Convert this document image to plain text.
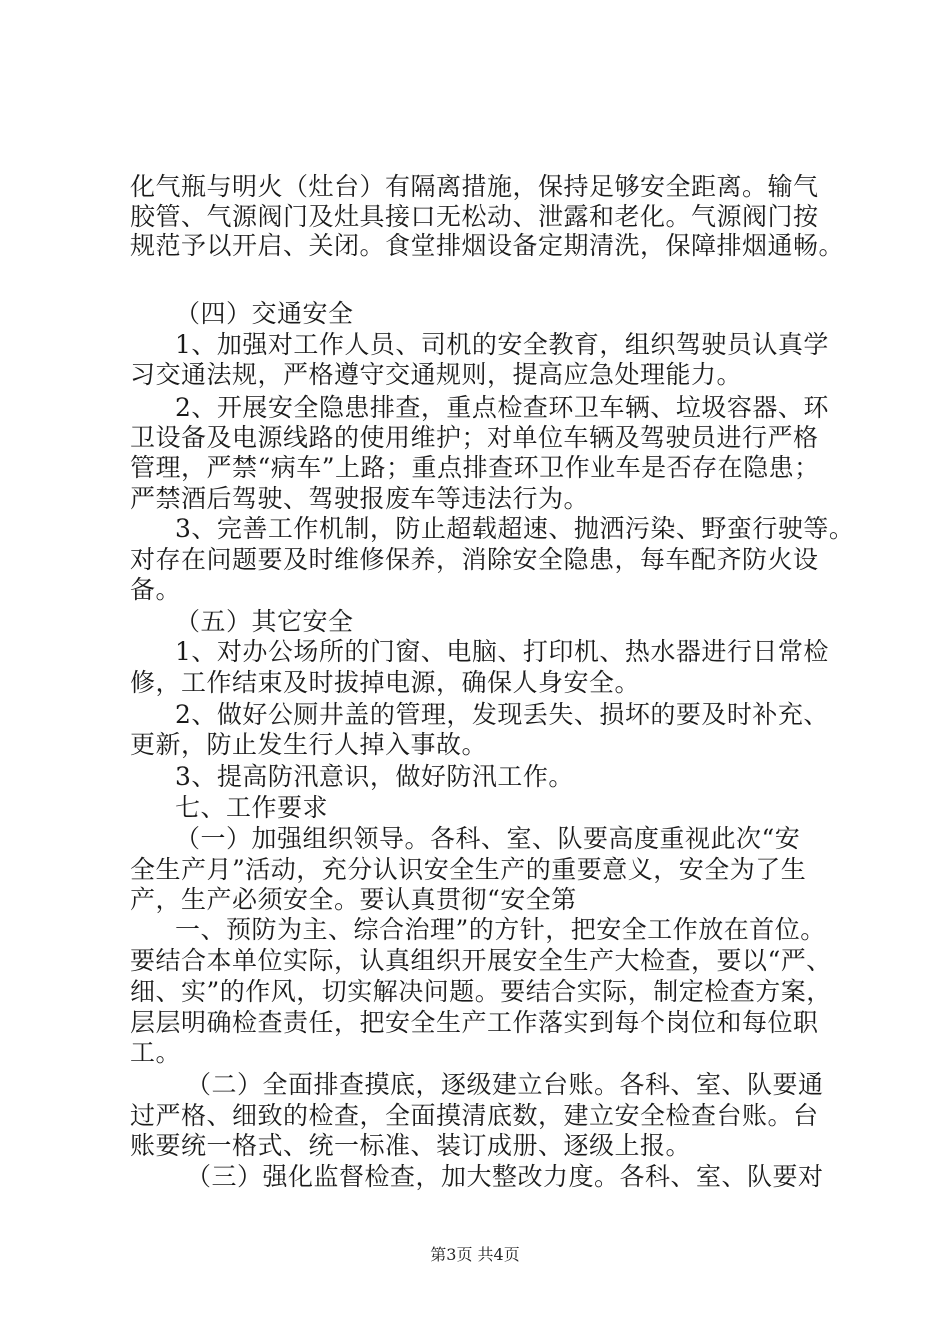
化气瓶与明火（灶台）有隔离措施，保持足够安全距离。输气
胶管、气源阀门及灶具接口无松动、泄露和老化。气源阀门按
规范予以开启、关闭。食堂排烟设备定期清洗，保障排烟通畅。
（四）交通安全
1、加强对工作人员、司机的安全教育，组织驾驶员认真学
习交通法规，严格遵守交通规则，提高应急处理能力。
2、开展安全隐患排查，重点检查环卫车辆、垃圾容器、环
卫设备及电源线路的使用维护；对单位车辆及驾驶员进行严格
管理，严禁“病车”上路；重点排查环卫作业车是否存在隐患；
严禁酒后驾驶、驾驶报废车等违法行为。
3、完善工作机制，防止超载超速、抛洒污染、野蛮行驶等。
对存在问题要及时维修保养，消除安全隐患，每车配齐防火设
备。
（五）其它安全
1、对办公场所的门窗、电脑、打印机、热水器进行日常检
修，工作结束及时拔掉电源，确保人身安全。
2、做好公厕井盖的管理，发现丢失、损坏的要及时补充、
更新，防止发生行人掉入事故。
3、提高防汛意识，做好防汛工作。
七、工作要求
（一）加强组织领导。各科、室、队要高度重视此次“安
全生产月”活动，充分认识安全生产的重要意义，安全为了生
产，生产必须安全。要认真贯彻“安全第
一、预防为主、综合治理”的方针，把安全工作放在首位。
要结合本单位实际，认真组织开展安全生产大检查，要以“严、
细、实”的作风，切实解决问题。要结合实际，制定检查方案，
层层明确检查责任，把安全生产工作落实到每个岗位和每位职
工。
（二）全面排查摸底，逐级建立台账。各科、室、队要通
过严格、细致的检查，全面摸清底数，建立安全检查台账。台
账要统一格式、统一标准、装订成册、逐级上报。
（三）强化监督检查，加大整改力度。各科、室、队要对
第3页 共4页
